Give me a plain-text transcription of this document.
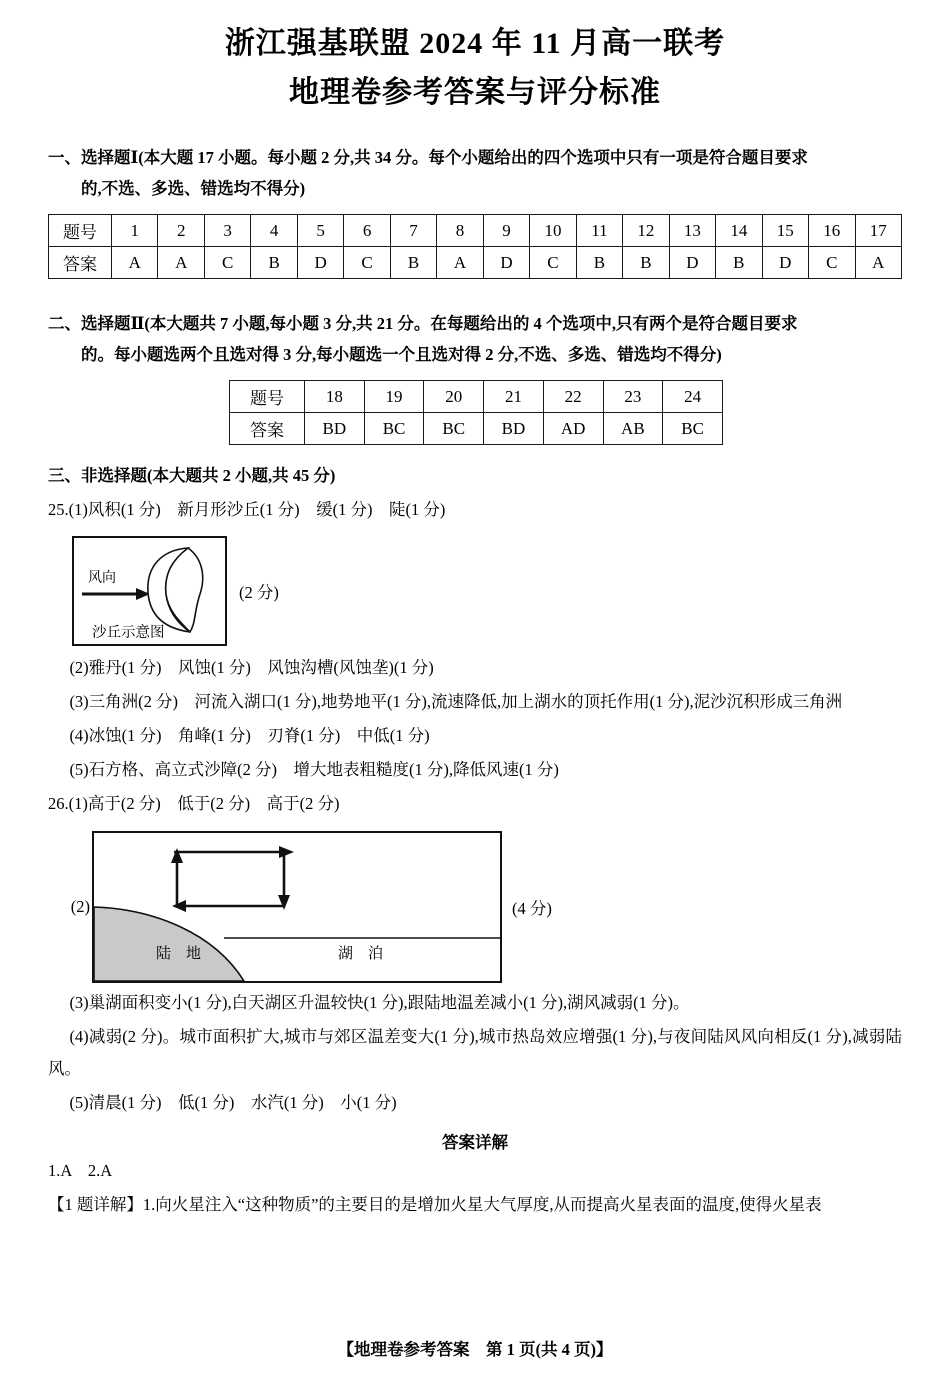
浙江强基联盟 2024 年 11 月高一联考
地理卷参考答案与评分标准
一、选择题Ⅰ(本大题 17 小题。每小题 2 分,共 34 分。每个小题给出的四个选项中只有一项是符合题目要求
的,不选、多选、错选均不得分)
题号	1	2	3	4	5	6	7	8	9	10	11	12	13	14	15	16	17
答案	A	A	C	B	D	C	B	A	D	C	B	B	D	B	D	C	A
二、选择题Ⅱ(本大题共 7 小题,每小题 3 分,共 21 分。在每题给出的 4 个选项中,只有两个是符合题目要求
的。每小题选两个且选对得 3 分,每小题选一个且选对得 2 分,不选、多选、错选均不得分)
题号	18	19	20	21	22	23	24
答案	BD	BC	BC	BD	AD	AB	BC
三、非选择题(本大题共 2 小题,共 45 分)
25.(1)风积(1 分)　新月形沙丘(1 分)　缓(1 分)　陡(1 分)
风向
沙丘示意图
(2 分)
(2)雅丹(1 分)　风蚀(1 分)　风蚀沟槽(风蚀垄)(1 分)
(3)三角洲(2 分)　河流入湖口(1 分),地势地平(1 分),流速降低,加上湖水的顶托作用(1 分),泥沙沉积形成三角洲
(4)冰蚀(1 分)　角峰(1 分)　刃脊(1 分)　中低(1 分)
(5)石方格、高立式沙障(2 分)　增大地表粗糙度(1 分),降低风速(1 分)
26.(1)高于(2 分)　低于(2 分)　高于(2 分)
(2)
陆　地	湖　泊
(4 分)
(3)巢湖面积变小(1 分),白天湖区升温较快(1 分),跟陆地温差减小(1 分),湖风减弱(1 分)。
(4)减弱(2 分)。城市面积扩大,城市与郊区温差变大(1 分),城市热岛效应增强(1 分),与夜间陆风风向相反(1 分),减弱陆风。
(5)清晨(1 分)　低(1 分)　水汽(1 分)　小(1 分)
答案详解
1.A　2.A
【1 题详解】1.向火星注入“这种物质”的主要目的是增加火星大气厚度,从而提高火星表面的温度,使得火星表
【地理卷参考答案　第 1 页(共 4 页)】
